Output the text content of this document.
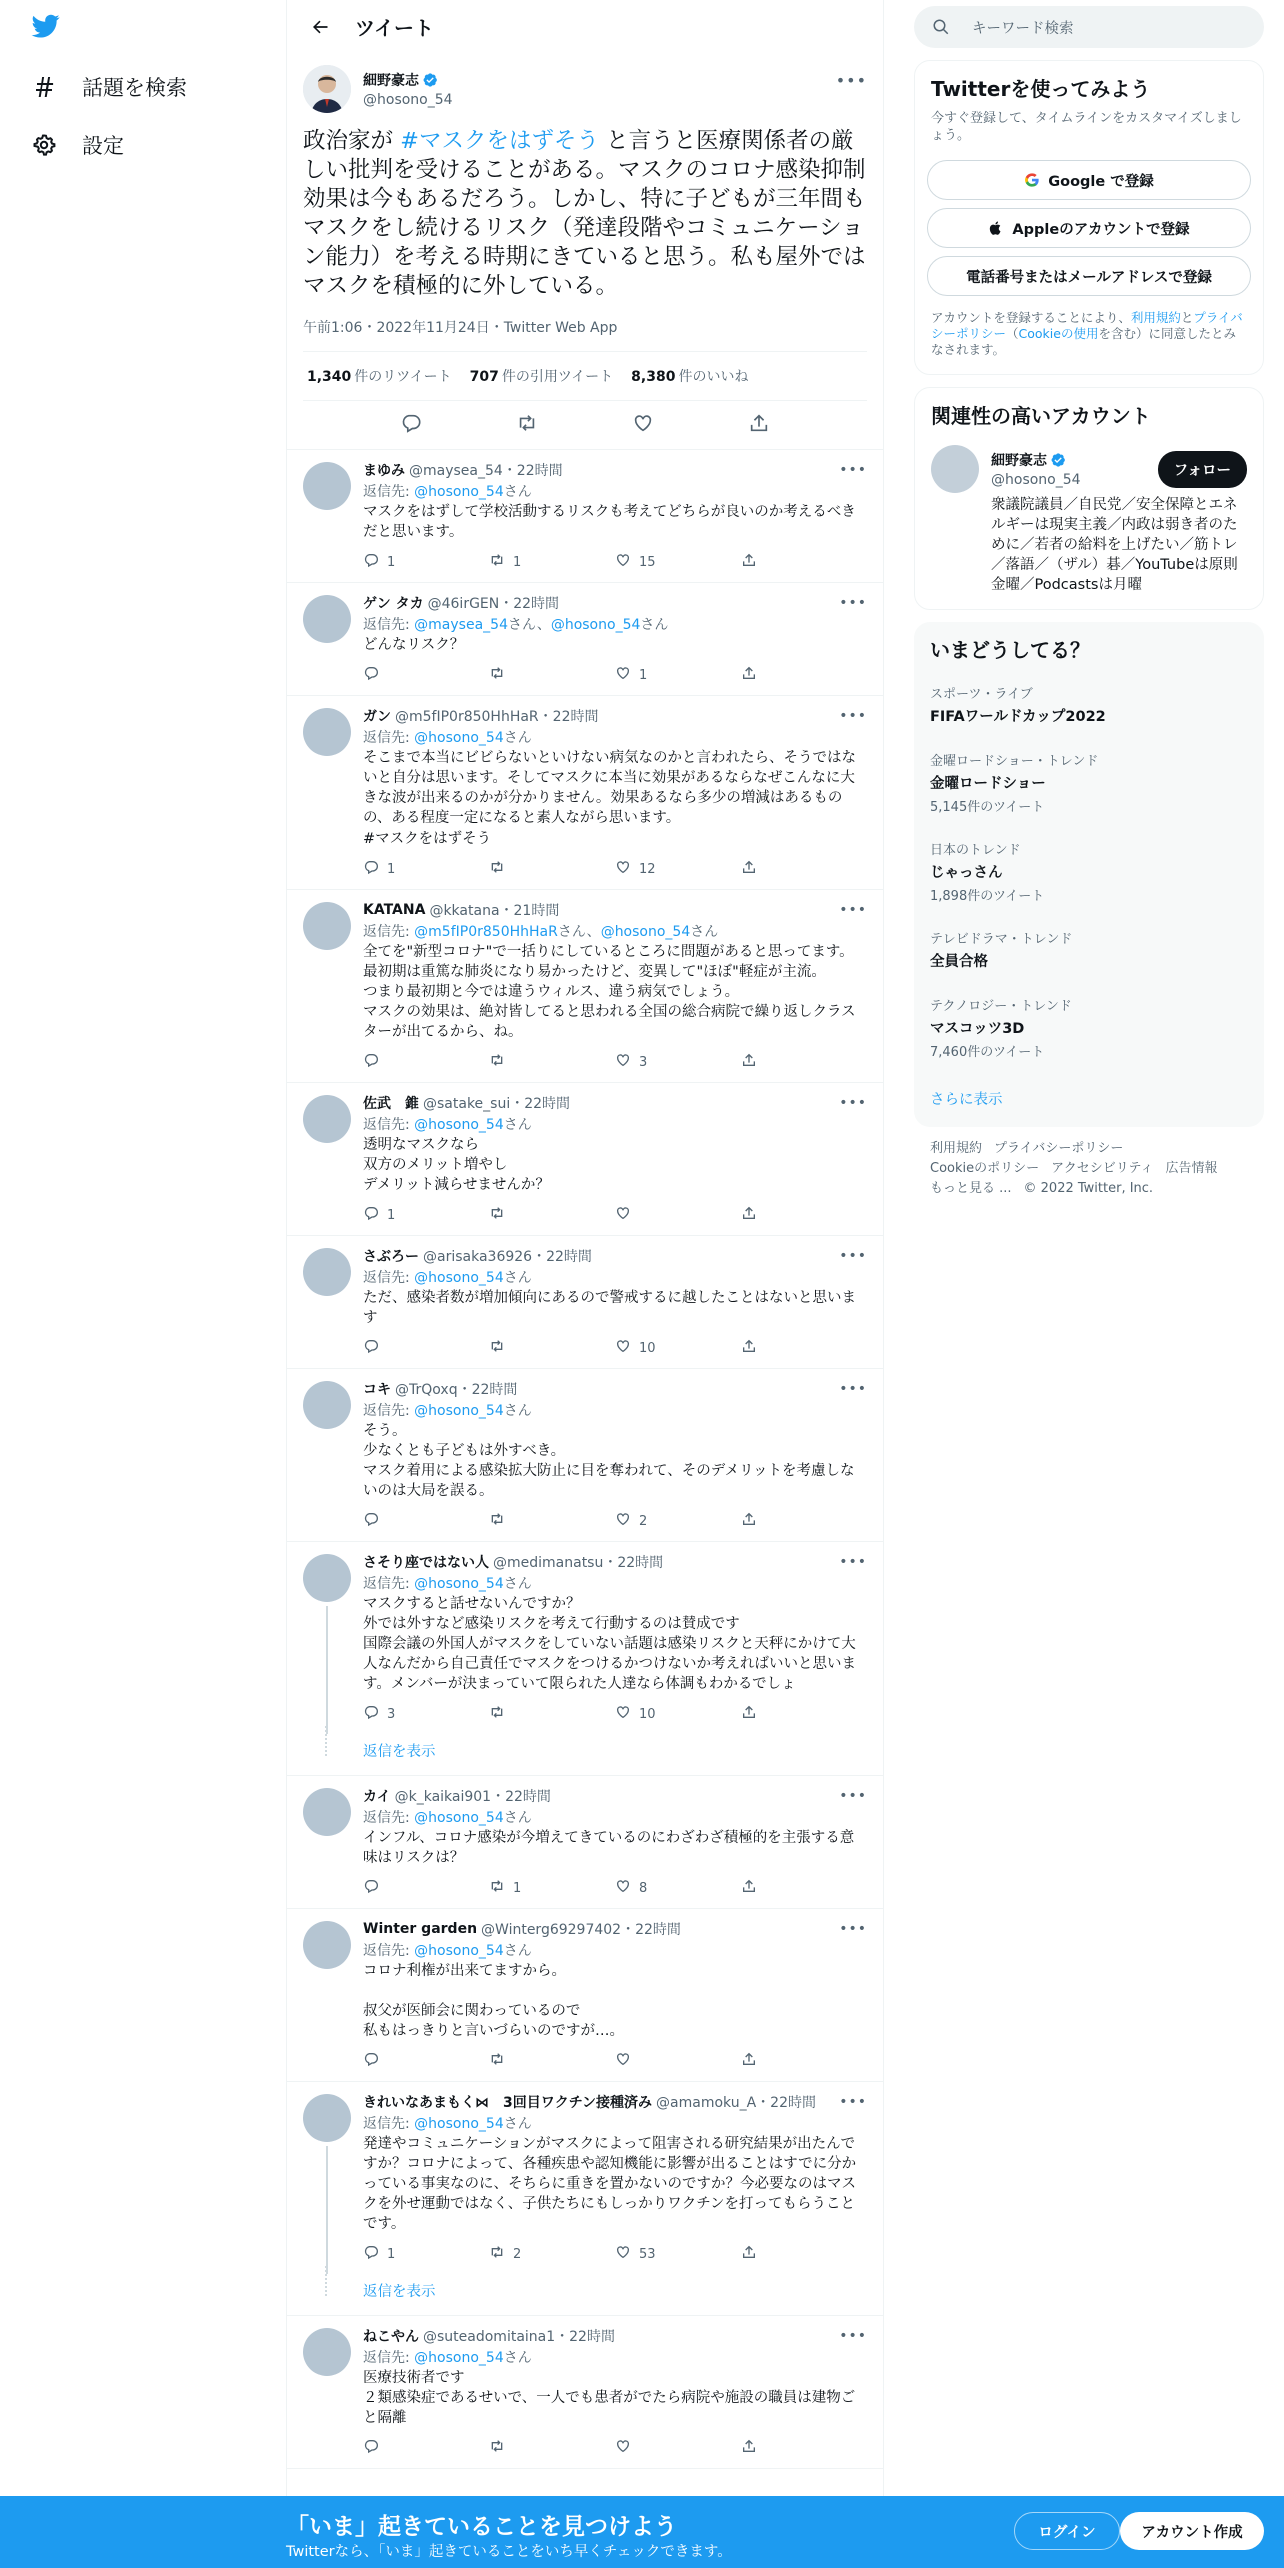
話題を検索
設定
ツイート
細野豪志
@hosono_54
•••
政治家が #マスクをはずそう と言うと医療関係者の厳しい批判を受けることがある。マスクのコロナ感染抑制効果は今もあるだろう。しかし、特に子どもが三年間もマスクをし続けるリスク（発達段階やコミュニケーション能力）を考える時期にきていると思う。私も屋外ではマスクを積極的に外している。
午前1:06・2022年11月24日・Twitter Web App
1,340 件のリツイート 707 件の引用ツイート 8,380 件のいいね
•••
まゆみ @maysea_54・22時間
返信先: @hosono_54さん
マスクをはずして学校活動するリスクも考えてどちらが良いのか考えるべきだと思います。
1	1	15
•••
ゲン タカ @46irGEN・22時間
返信先: @maysea_54さん、@hosono_54さん
どんなリスク？
1
•••
ガン @m5fIP0r850HhHaR・22時間
返信先: @hosono_54さん
そこまで本当にビビらないといけない病気なのかと言われたら、そうではないと自分は思います。そしてマスクに本当に効果があるならなぜこんなに大きな波が出来るのかが分かりません。効果あるなら多少の増減はあるものの、ある程度一定になると素人ながら思います。
#マスクをはずそう
1	12
•••
KATANA @kkatana・21時間
返信先: @m5fIP0r850HhHaRさん、@hosono_54さん
全てを"新型コロナ"で一括りにしているところに問題があると思ってます。
最初期は重篤な肺炎になり易かったけど、変異して"ほぼ"軽症が主流。
つまり最初期と今では違うウィルス、違う病気でしょう。
マスクの効果は、絶対皆してると思われる全国の総合病院で繰り返しクラスターが出てるから、ね。
3
•••
佐武　錐 @satake_sui・22時間
返信先: @hosono_54さん
透明なマスクなら
双方のメリット増やし
デメリット減らせませんか？
1
•••
さぶろー @arisaka36926・22時間
返信先: @hosono_54さん
ただ、感染者数が増加傾向にあるので警戒するに越したことはないと思います
10
•••
コキ @TrQoxq・22時間
返信先: @hosono_54さん
そう。
少なくとも子どもは外すべき。
マスク着用による感染拡大防止に目を奪われて、そのデメリットを考慮しないのは大局を誤る。
2
•••
さそり座ではない人 @medimanatsu・22時間
返信先: @hosono_54さん
マスクすると話せないんですか？
外では外すなど感染リスクを考えて行動するのは賛成です
国際会議の外国人がマスクをしていない話題は感染リスクと天秤にかけて大人なんだから自己責任でマスクをつけるかつけないか考えればいいと思います。メンバーが決まっていて限られた人達なら体調もわかるでしょ
3	10
返信を表示
•••
カイ @k_kaikai901・22時間
返信先: @hosono_54さん
インフル、コロナ感染が今増えてきているのにわざわざ積極的を主張する意味はリスクは？
1	8
•••
Winter garden @Winterg69297402・22時間
返信先: @hosono_54さん
コロナ利権が出来てますから。

叔父が医師会に関わっているので
私もはっきりと言いづらいのですが…。
•••
きれいなあまもく⋈　3回目ワクチン接種済み @amamoku_A・22時間
返信先: @hosono_54さん
発達やコミュニケーションがマスクによって阻害される研究結果が出たんですか？コロナによって、各種疾患や認知機能に影響が出ることはすでに分かっている事実なのに、そちらに重きを置かないのですか？今必要なのはマスクを外せ運動ではなく、子供たちにもしっかりワクチンを打ってもらうことです。
1	2	53
返信を表示
•••
ねこやん @suteadomitaina1・22時間
返信先: @hosono_54さん
医療技術者です
２類感染症であるせいで、一人でも患者がでたら病院や施設の職員は建物ごと隔離
キーワード検索
Twitterを使ってみよう
今すぐ登録して、タイムラインをカスタマイズしましょう。
Google で登録
Appleのアカウントで登録
電話番号またはメールアドレスで登録
アカウントを登録することにより、利用規約とプライバシーポリシー（Cookieの使用を含む）に同意したとみなされます。
関連性の高いアカウント
細野豪志
@hosono_54
フォロー
衆議院議員／自民党／安全保障とエネルギーは現実主義／内政は弱き者のために／若者の給料を上げたい／筋トレ／落語／（ザル）碁／YouTubeは原則金曜／Podcastsは月曜
いまどうしてる？
スポーツ・ライブ
FIFAワールドカップ2022
金曜ロードショー・トレンド
金曜ロードショー
5,145件のツイート
日本のトレンド
じゃっさん
1,898件のツイート
テレビドラマ・トレンド
全員合格
テクノロジー・トレンド
マスコッツ3D
7,460件のツイート
さらに表示
利用規約 プライバシーポリシー
Cookieのポリシー アクセシビリティ 広告情報
もっと見る ... © 2022 Twitter, Inc.
「いま」起きていることを見つけよう
Twitterなら、「いま」起きていることをいち早くチェックできます。
ログイン	アカウント作成
